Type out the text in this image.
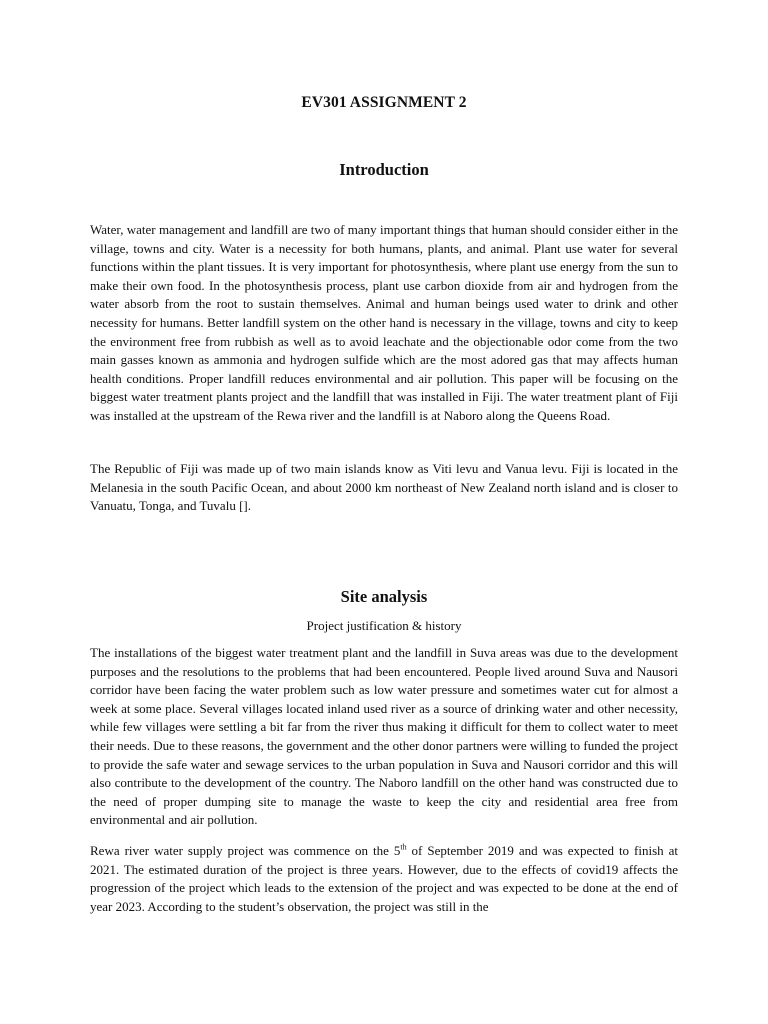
EV301 ASSIGNMENT 2
Introduction

Water, water management and landfill are two of many important things that human should consider either in the village, towns and city. Water is a necessity for both humans, plants, and animal. Plant use water for several functions within the plant tissues. It is very important for photosynthesis, where plant use energy from the sun to make their own food. In the photosynthesis process, plant use carbon dioxide from air and hydrogen from the water absorb from the root to sustain themselves. Animal and human beings used water to drink and other necessity for humans. Better landfill system on the other hand is necessary in the village, towns and city to keep the environment free from rubbish as well as to avoid leachate and the objectionable odor come from the two main gasses known as ammonia and hydrogen sulfide which are the most adored gas that may affects human health conditions. Proper landfill reduces environmental and air pollution. This paper will be focusing on the biggest water treatment plants project and the landfill that was installed in Fiji. The water treatment plant of Fiji was installed at the upstream of the Rewa river and the landfill is at Naboro along the Queens Road.

The Republic of Fiji was made up of two main islands know as Viti levu and Vanua levu. Fiji is located in the Melanesia in the south Pacific Ocean, and about 2000 km northeast of New Zealand north island and is closer to Vanuatu, Tonga, and Tuvalu [].

Site analysis
Project justification & history

The installations of the biggest water treatment plant and the landfill in Suva areas was due to the development purposes and the resolutions to the problems that had been encountered. People lived around Suva and Nausori corridor have been facing the water problem such as low water pressure and sometimes water cut for almost a week at some place. Several villages located inland used river as a source of drinking water and other necessity, while few villages were settling a bit far from the river thus making it difficult for them to collect water to meet their needs. Due to these reasons, the government and the other donor partners were willing to funded the project to provide the safe water and sewage services to the urban population in Suva and Nausori corridor and this will also contribute to the development of the country. The Naboro landfill on the other hand was constructed due to the need of proper dumping site to manage the waste to keep the city and residential area free from environmental and air pollution.

Rewa river water supply project was commence on the 5th of September 2019 and was expected to finish at 2021. The estimated duration of the project is three years. However, due to the effects of covid19 affects the progression of the project which leads to the extension of the project and was expected to be done at the end of year 2023. According to the student’s observation, the project was still in the
